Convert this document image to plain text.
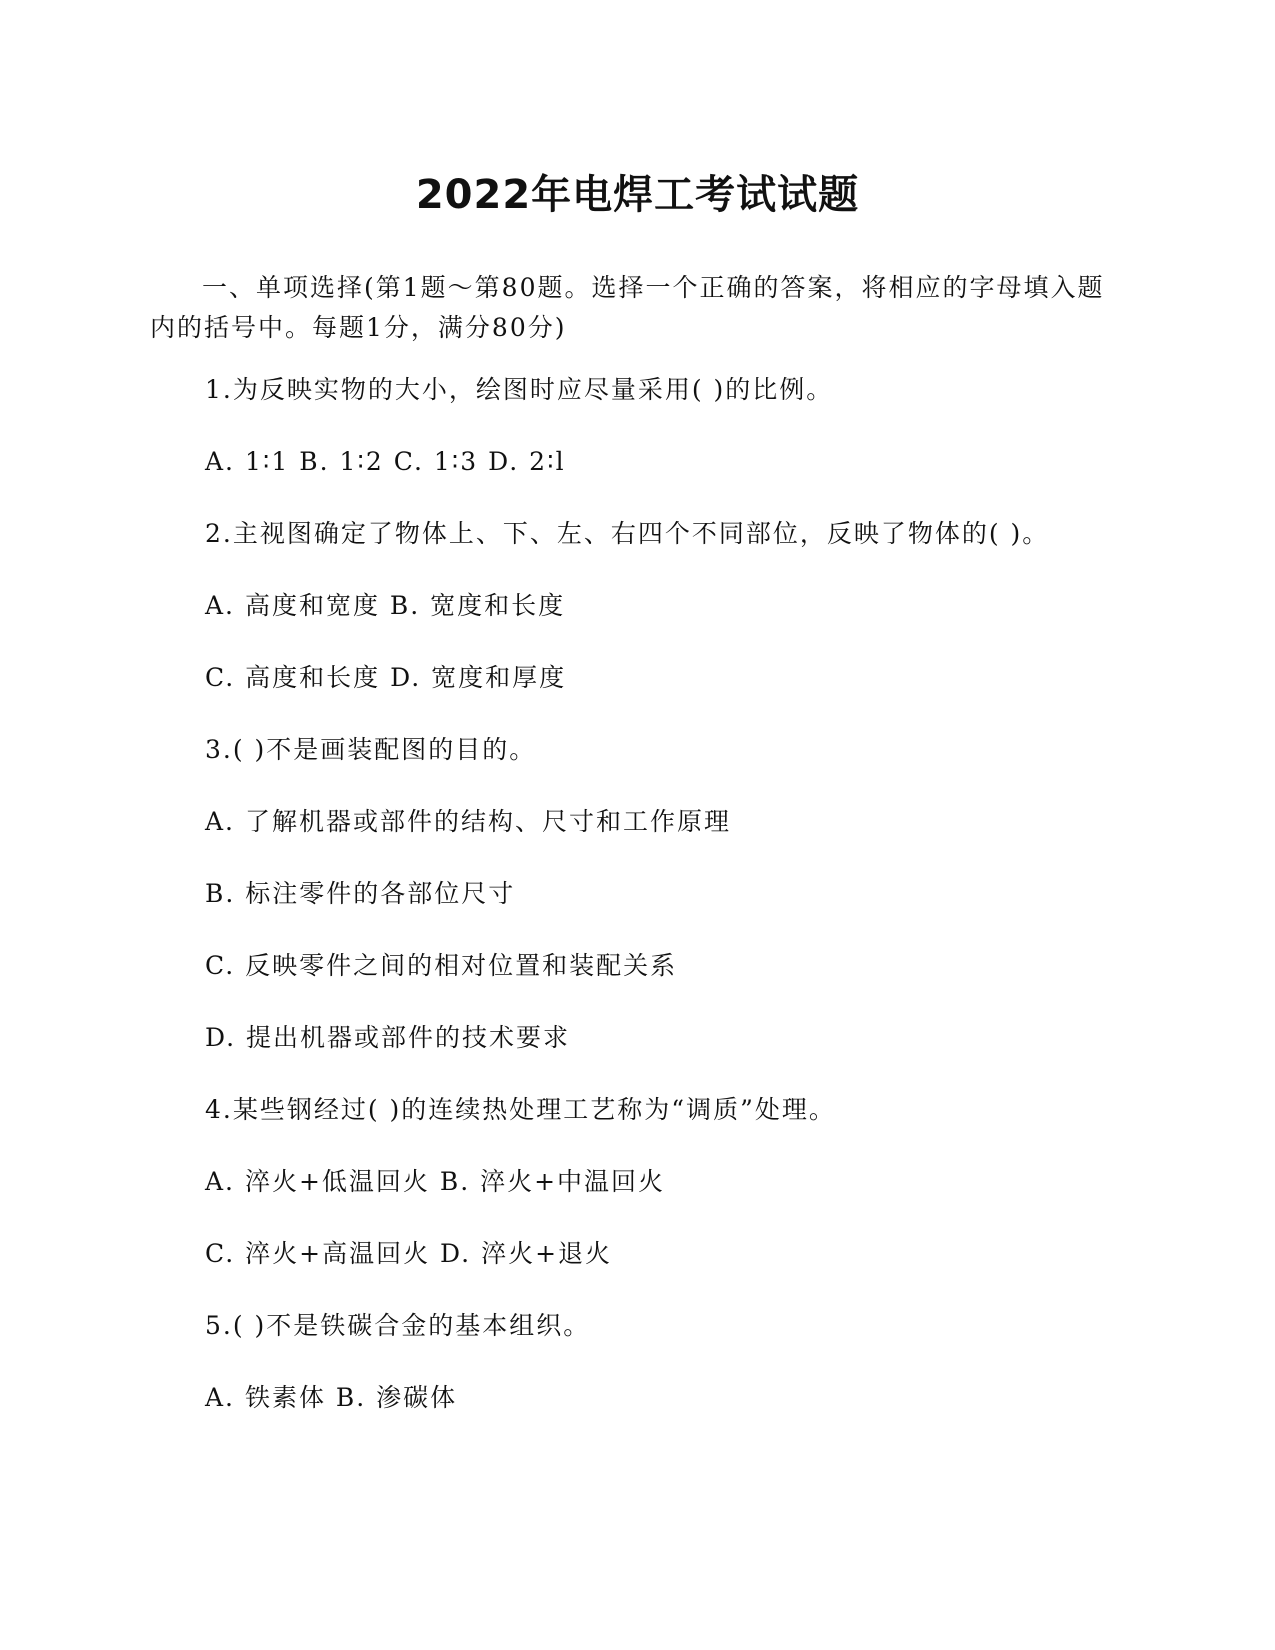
2022年电焊工考试试题

一、单项选择(第1题～第80题。选择一个正确的答案，将相应的字母填入题内的括号中。每题1分，满分80分)

1.为反映实物的大小，绘图时应尽量采用( )的比例。

A. 1∶1 B. 1∶2 C. 1∶3 D. 2∶l

2.主视图确定了物体上、下、左、右四个不同部位，反映了物体的( )。

A. 高度和宽度 B. 宽度和长度

C. 高度和长度 D. 宽度和厚度

3.( )不是画装配图的目的。

A. 了解机器或部件的结构、尺寸和工作原理

B. 标注零件的各部位尺寸

C. 反映零件之间的相对位置和装配关系

D. 提出机器或部件的技术要求

4.某些钢经过( )的连续热处理工艺称为“调质”处理。

A. 淬火+低温回火 B. 淬火+中温回火

C. 淬火+高温回火 D. 淬火+退火

5.( )不是铁碳合金的基本组织。

A. 铁素体 B. 渗碳体
